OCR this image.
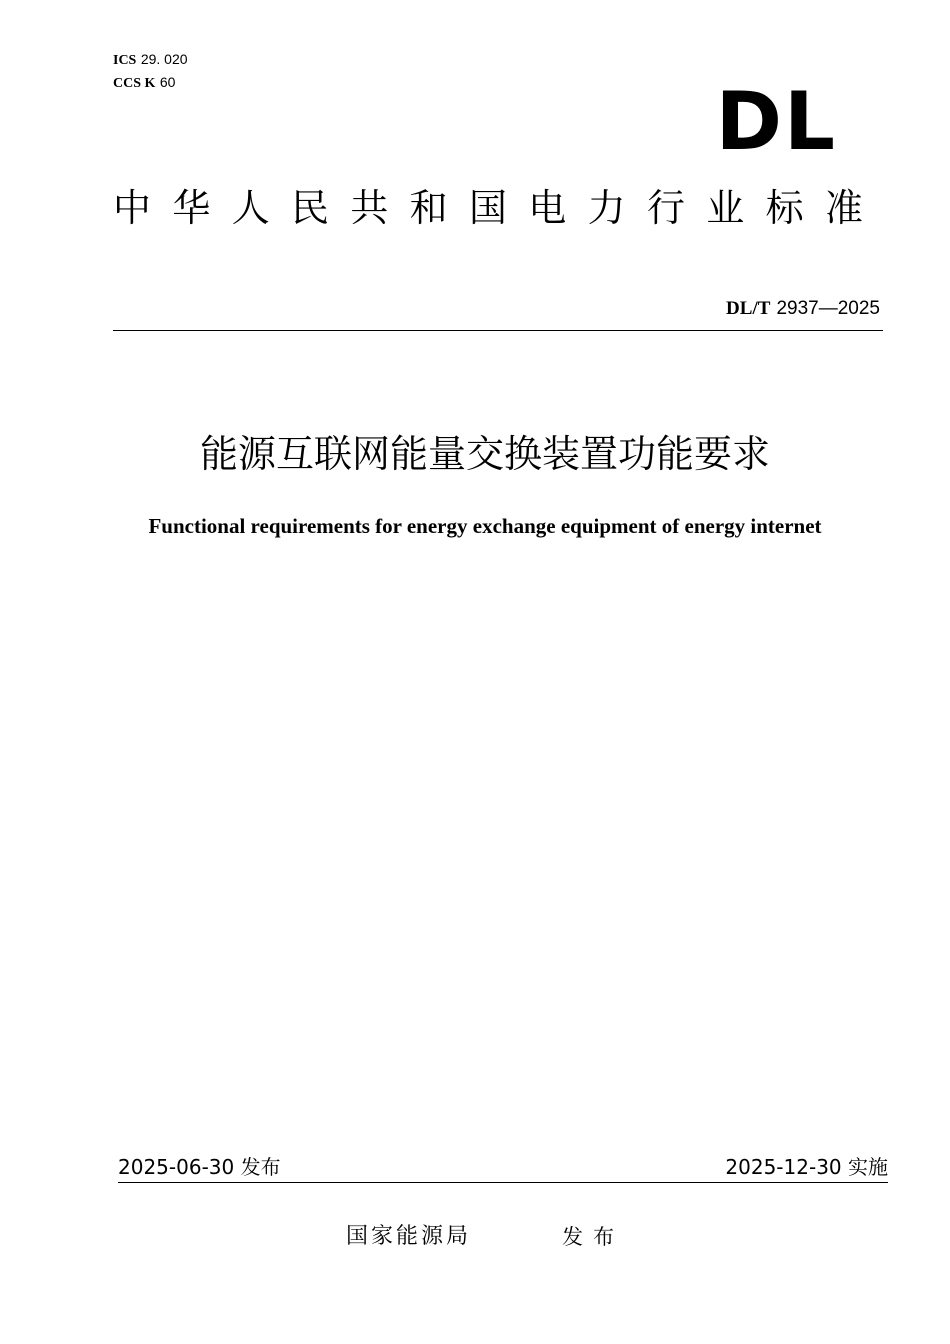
ICS 29. 020
CCS K 60	DL
中 华 人 民 共 和 国 电 力 行 业 标 准
DL/T 2937—2025
能源互联网能量交换装置功能要求
Functional requirements for energy exchange equipment of energy internet
2025-06-30 发布	2025-12-30 实施
国家能源局	发布
